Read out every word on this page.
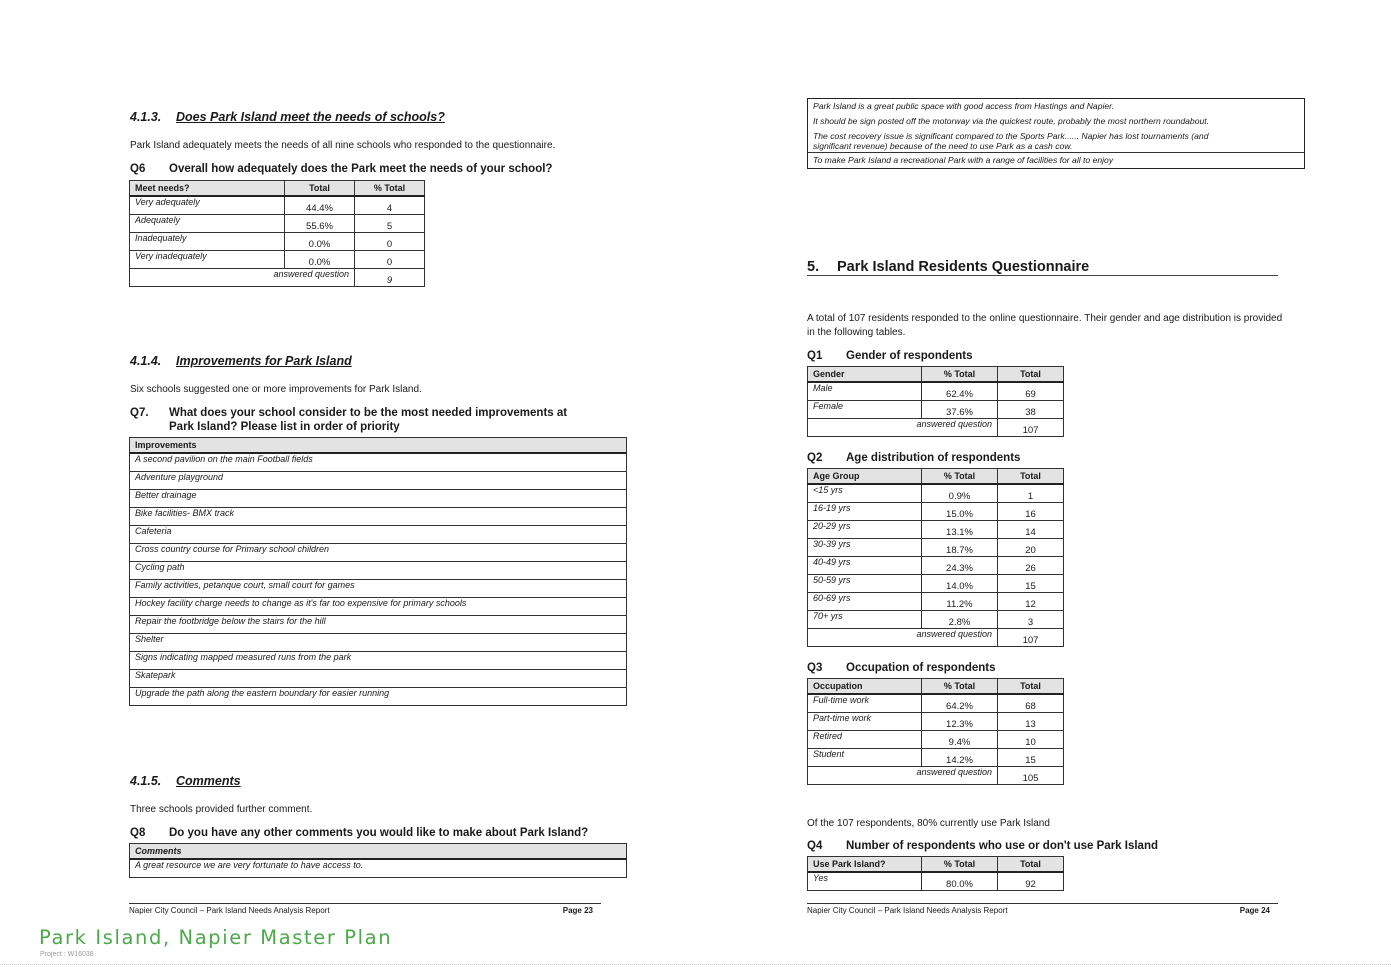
4.1.3. Does Park Island meet the needs of schools?
Park Island adequately meets the needs of all nine schools who responded to the questionnaire.
Q6	Overall how adequately does the Park meet the needs of your school?
Meet needs?	Total	% Total
Very adequately	44.4%	4
Adequately	55.6%	5
Inadequately	0.0%	0
Very inadequately	0.0%	0
answered question		9
4.1.4. Improvements for Park Island
Six schools suggested one or more improvements for Park Island.
Q7.	What does your school consider to be the most needed improvements at Park Island? Please list in order of priority
Improvements
A second pavilion on the main Football fields
Adventure playground
Better drainage
Bike facilities- BMX track
Cafeteria
Cross country course for Primary school children
Cycling path
Family activities, petanque court, small court for games
Hockey facility charge needs to change as it's far too expensive for primary schools
Repair the footbridge below the stairs for the hill
Shelter
Signs indicating mapped measured runs from the park
Skatepark
Upgrade the path along the eastern boundary for easier running
4.1.5. Comments
Three schools provided further comment.
Q8	Do you have any other comments you would like to make about Park Island?
Comments
A great resource we are very fortunate to have access to.
Napier City Council – Park Island Needs Analysis Report	Page 23
Park Island is a great public space with good access from Hastings and Napier.
It should be sign posted off the motorway via the quickest route, probably the most northern roundabout.
The cost recovery issue is significant compared to the Sports Park...... Napier has lost tournaments (and
significant revenue) because of the need to use Park as a cash cow.
To make Park Island a recreational Park with a range of facilities for all to enjoy
5. Park Island Residents Questionnaire
A total of 107 residents responded to the online questionnaire. Their gender and age distribution is provided in the following tables.
Q1	Gender of respondents
Gender	% Total	Total
Male	62.4%	69
Female	37.6%	38
answered question		107
Q2	Age distribution of respondents
Age Group	% Total	Total
<15 yrs	0.9%	1
16-19 yrs	15.0%	16
20-29 yrs	13.1%	14
30-39 yrs	18.7%	20
40-49 yrs	24.3%	26
50-59 yrs	14.0%	15
60-69 yrs	11.2%	12
70+ yrs	2.8%	3
answered question		107
Q3	Occupation of respondents
Occupation	% Total	Total
Full-time work	64.2%	68
Part-time work	12.3%	13
Retired	9.4%	10
Student	14.2%	15
answered question		105
Of the 107 respondents, 80% currently use Park Island
Q4	Number of respondents who use or don't use Park Island
Use Park Island?	% Total	Total
Yes	80.0%	92
Napier City Council – Park Island Needs Analysis Report	Page 24
Park Island, Napier Master Plan
Project : W16038
